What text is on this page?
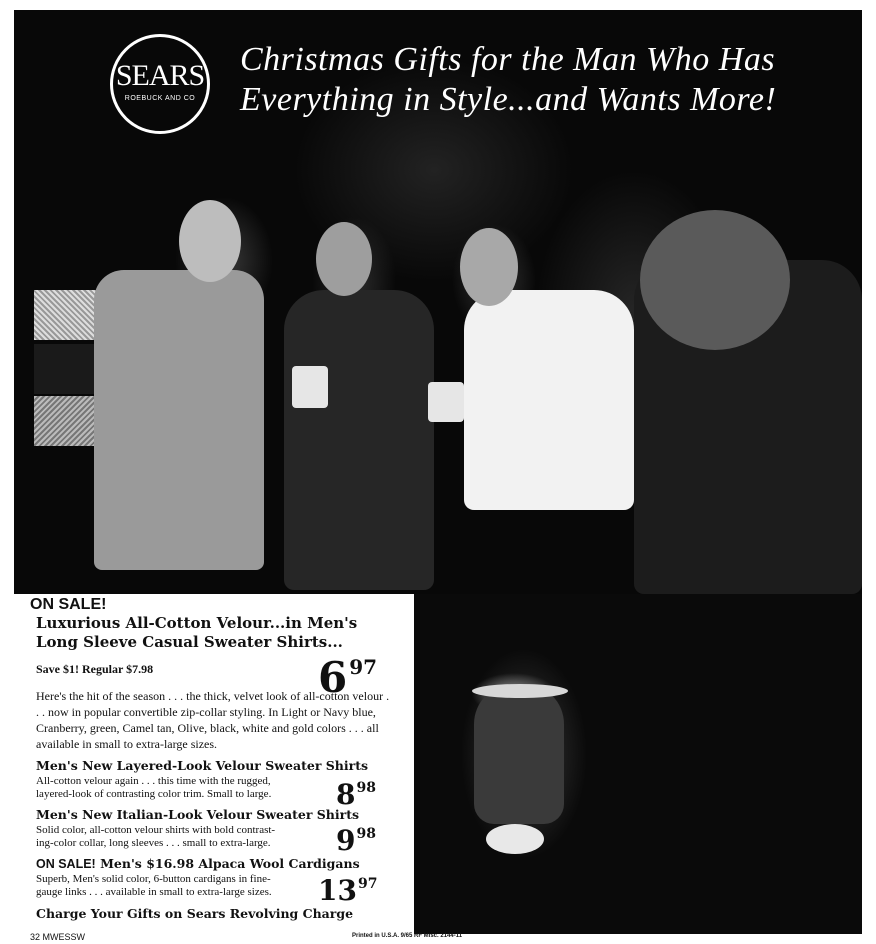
SEARS
ROEBUCK AND CO
Christmas Gifts for the Man Who Has
Everything in Style...and Wants More!
ON SALE!
Luxurious All-Cotton Velour...in Men's
Long Sleeve Casual Sweater Shirts...
Save $1! Regular $7.98	6 $^{97}$
Here's the hit of the season . . . the thick, velvet look of all-cotton velour . . . now in popular convertible zip-collar styling. In Light or Navy blue, Cranberry, green, Camel tan, Olive, black, white and gold colors . . . all available in small to extra-large sizes.
Men's New Layered-Look Velour Sweater Shirts
All-cotton velour again . . . this time with the rugged,
layered-look of contrasting color trim. Small to large.	$8^{98}$
Men's New Italian-Look Velour Sweater Shirts
Solid color, all-cotton velour shirts with bold contrast-
ing-color collar, long sleeves . . . small to extra-large.	$9^{98}$
ON SALE! Men's $16.98 Alpaca Wool Cardigans
Superb, Men's solid color, 6-button cardigans in fine-
gauge links . . . available in small to extra-large sizes.	$13^{97}$
Charge Your Gifts on Sears Revolving Charge
32 MWESSW	Printed in U.S.A. 9/65 RF Misc. 2144-11
